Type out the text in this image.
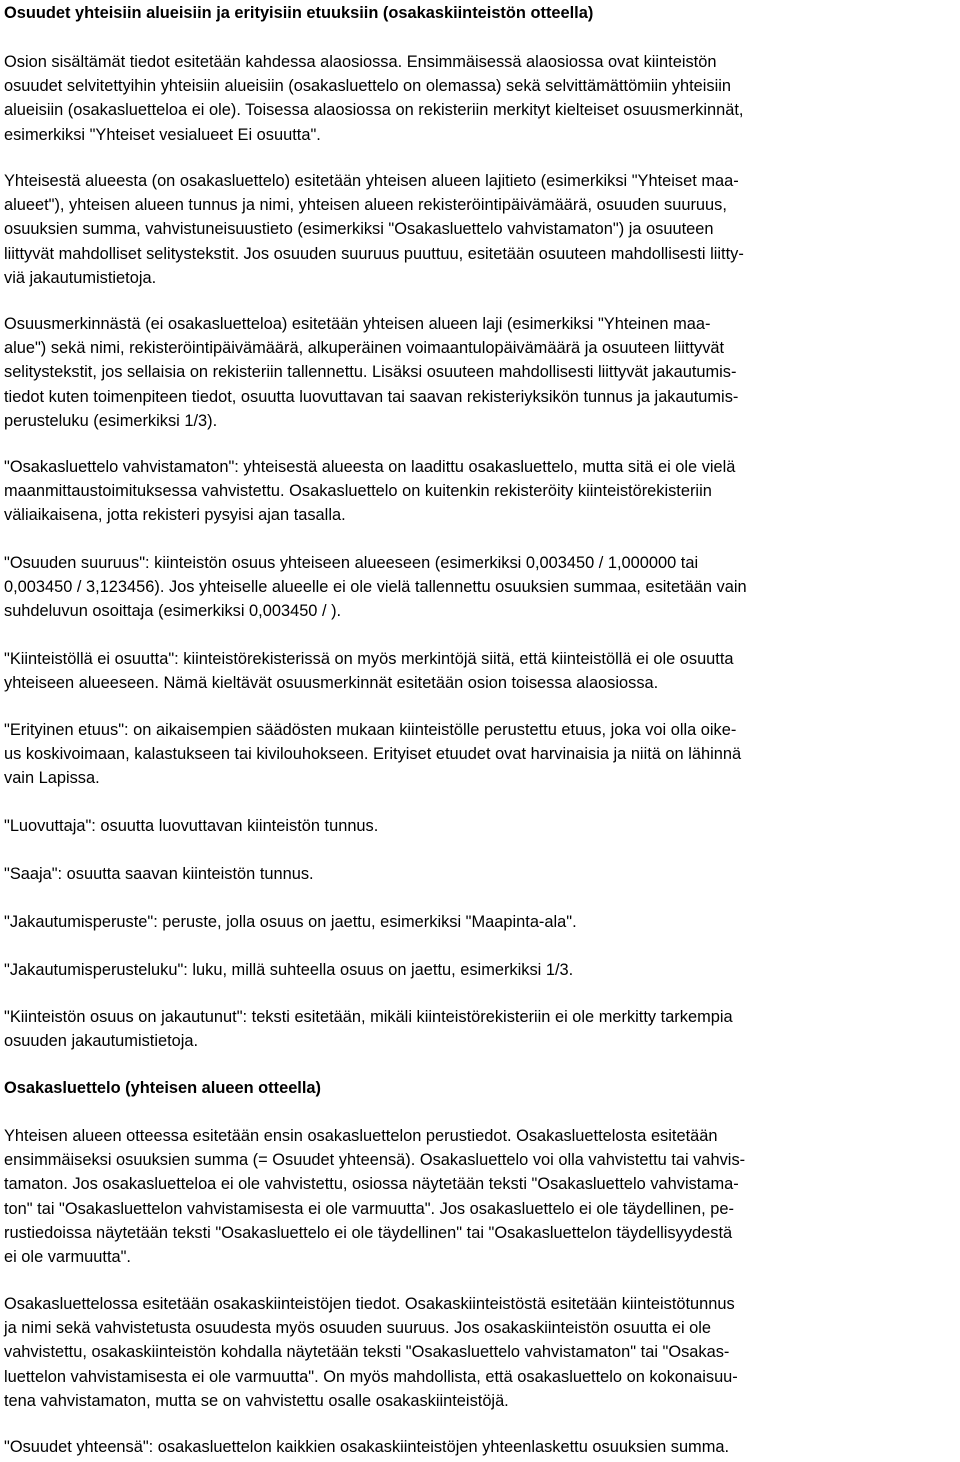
Osuudet yhteisiin alueisiin ja erityisiin etuuksiin (osakaskiinteistön otteella)

Osion sisältämät tiedot esitetään kahdessa alaosiossa. Ensimmäisessä alaosiossa ovat kiinteistön
osuudet selvitettyihin yhteisiin alueisiin (osakasluettelo on olemassa) sekä selvittämättömiin yhteisiin
alueisiin (osakasluetteloa ei ole). Toisessa alaosiossa on rekisteriin merkityt kielteiset osuusmerkinnät,
esimerkiksi "Yhteiset vesialueet Ei osuutta".

Yhteisestä alueesta (on osakasluettelo) esitetään yhteisen alueen lajitieto (esimerkiksi "Yhteiset maa-
alueet"), yhteisen alueen tunnus ja nimi, yhteisen alueen rekisteröintipäivämäärä, osuuden suuruus,
osuuksien summa, vahvistuneisuustieto (esimerkiksi "Osakasluettelo vahvistamaton") ja osuuteen
liittyvät mahdolliset selitystekstit. Jos osuuden suuruus puuttuu, esitetään osuuteen mahdollisesti liitty-
viä jakautumistietoja.

Osuusmerkinnästä (ei osakasluetteloa) esitetään yhteisen alueen laji (esimerkiksi "Yhteinen maa-
alue") sekä nimi, rekisteröintipäivämäärä, alkuperäinen voimaantulopäivämäärä ja osuuteen liittyvät
selitystekstit, jos sellaisia on rekisteriin tallennettu. Lisäksi osuuteen mahdollisesti liittyvät jakautumis-
tiedot kuten toimenpiteen tiedot, osuutta luovuttavan tai saavan rekisteriyksikön tunnus ja jakautumis-
perusteluku (esimerkiksi 1/3).

"Osakasluettelo vahvistamaton": yhteisestä alueesta on laadittu osakasluettelo, mutta sitä ei ole vielä
maanmittaustoimituksessa vahvistettu. Osakasluettelo on kuitenkin rekisteröity kiinteistörekisteriin
väliaikaisena, jotta rekisteri pysyisi ajan tasalla.

"Osuuden suuruus": kiinteistön osuus yhteiseen alueeseen (esimerkiksi 0,003450 / 1,000000 tai
0,003450 / 3,123456). Jos yhteiselle alueelle ei ole vielä tallennettu osuuksien summaa, esitetään vain
suhdeluvun osoittaja (esimerkiksi 0,003450 / ).

"Kiinteistöllä ei osuutta": kiinteistörekisterissä on myös merkintöjä siitä, että kiinteistöllä ei ole osuutta
yhteiseen alueeseen. Nämä kieltävät osuusmerkinnät esitetään osion toisessa alaosiossa.

"Erityinen etuus": on aikaisempien säädösten mukaan kiinteistölle perustettu etuus, joka voi olla oike-
us koskivoimaan, kalastukseen tai kivilouhokseen. Erityiset etuudet ovat harvinaisia ja niitä on lähinnä
vain Lapissa.

"Luovuttaja": osuutta luovuttavan kiinteistön tunnus.

"Saaja": osuutta saavan kiinteistön tunnus.

"Jakautumisperuste": peruste, jolla osuus on jaettu, esimerkiksi "Maapinta-ala".

"Jakautumisperusteluku": luku, millä suhteella osuus on jaettu, esimerkiksi 1/3.

"Kiinteistön osuus on jakautunut": teksti esitetään, mikäli kiinteistörekisteriin ei ole merkitty tarkempia
osuuden jakautumistietoja.

Osakasluettelo (yhteisen alueen otteella)

Yhteisen alueen otteessa esitetään ensin osakasluettelon perustiedot. Osakasluettelosta esitetään
ensimmäiseksi osuuksien summa (= Osuudet yhteensä). Osakasluettelo voi olla vahvistettu tai vahvis-
tamaton. Jos osakasluetteloa ei ole vahvistettu, osiossa näytetään teksti "Osakasluettelo vahvistama-
ton" tai "Osakasluettelon vahvistamisesta ei ole varmuutta". Jos osakasluettelo ei ole täydellinen, pe-
rustiedoissa näytetään teksti "Osakasluettelo ei ole täydellinen" tai "Osakasluettelon täydellisyydestä
ei ole varmuutta".

Osakasluettelossa esitetään osakaskiinteistöjen tiedot. Osakaskiinteistöstä esitetään kiinteistötunnus
ja nimi sekä vahvistetusta osuudesta myös osuuden suuruus. Jos osakaskiinteistön osuutta ei ole
vahvistettu, osakaskiinteistön kohdalla näytetään teksti "Osakasluettelo vahvistamaton" tai "Osakas-
luettelon vahvistamisesta ei ole varmuutta". On myös mahdollista, että osakasluettelo on kokonaisuu-
tena vahvistamaton, mutta se on vahvistettu osalle osakaskiinteistöjä.

"Osuudet yhteensä": osakasluettelon kaikkien osakaskiinteistöjen yhteenlaskettu osuuksien summa.
